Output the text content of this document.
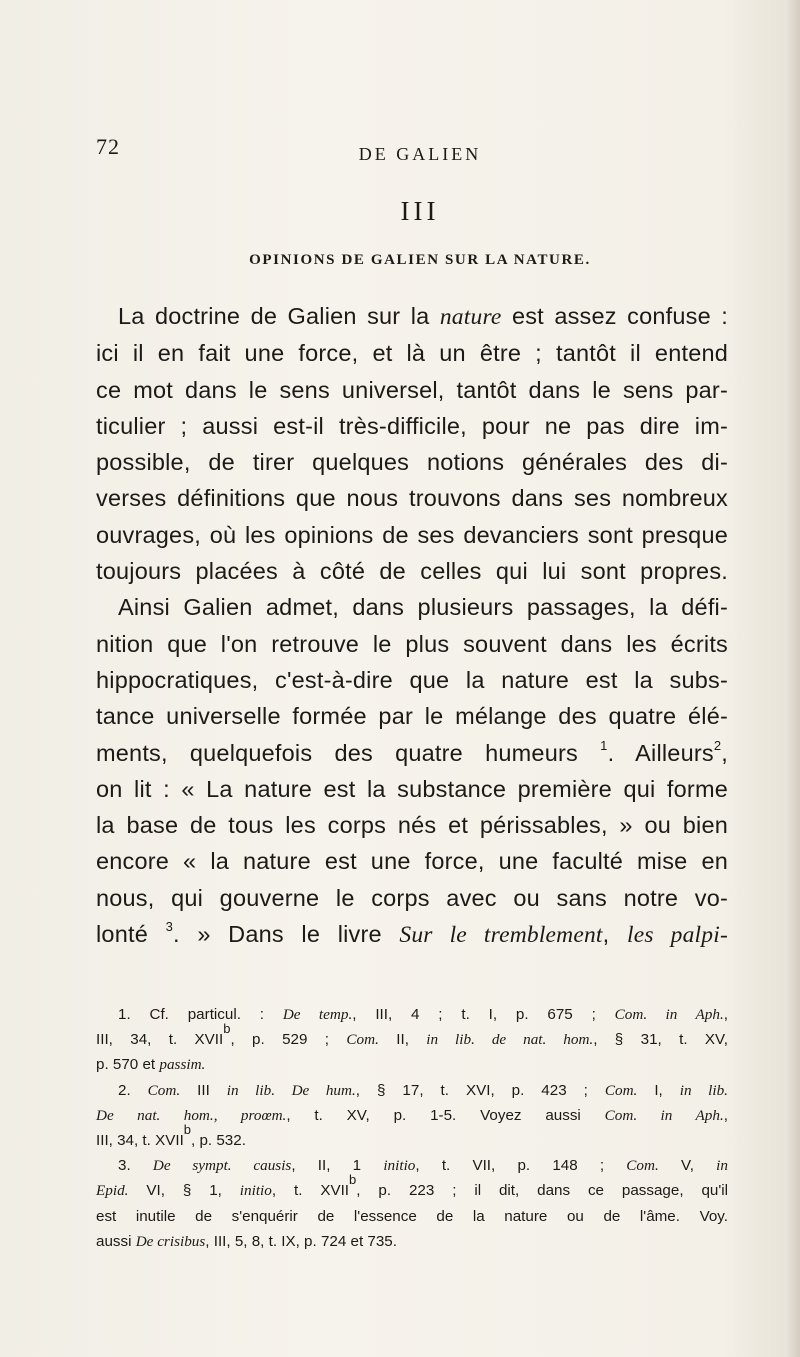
72	DE GALIEN
III
OPINIONS DE GALIEN SUR LA NATURE.
La doctrine de Galien sur la nature est assez confuse :
ici il en fait une force, et là un être ; tantôt il entend
ce mot dans le sens universel, tantôt dans le sens par-
ticulier ; aussi est-il très-difficile, pour ne pas dire im-
possible, de tirer quelques notions générales des di-
verses définitions que nous trouvons dans ses nombreux
ouvrages, où les opinions de ses devanciers sont presque
toujours placées à côté de celles qui lui sont propres.
Ainsi Galien admet, dans plusieurs passages, la défi-
nition que l'on retrouve le plus souvent dans les écrits
hippocratiques, c'est-à-dire que la nature est la subs-
tance universelle formée par le mélange des quatre élé-
ments, quelquefois des quatre humeurs $^1$. Ailleurs$^2$,
on lit : « La nature est la substance première qui forme
la base de tous les corps nés et périssables, » ou bien
encore « la nature est une force, une faculté mise en
nous, qui gouverne le corps avec ou sans notre vo-
lonté $^3$. » Dans le livre Sur le tremblement, les palpi-
1. Cf. particul. : De temp., III, 4 ; t. I, p. 675 ; Com. in Aph.,
III, 34, t. XVII$^b$, p. 529 ; Com. II, in lib. de nat. hom., § 31, t. XV,
p. 570 et passim.
2. Com. III in lib. De hum., § 17, t. XVI, p. 423 ; Com. I, in lib.
De nat. hom., proœm., t. XV, p. 1-5. Voyez aussi Com. in Aph.,
III, 34, t. XVII$^b$, p. 532.
3. De sympt. causis, II, 1 initio, t. VII, p. 148 ; Com. V, in
Epid. VI, § 1, initio, t. XVII$^b$, p. 223 ; il dit, dans ce passage, qu'il
est inutile de s'enquérir de l'essence de la nature ou de l'âme. Voy.
aussi De crisibus, III, 5, 8, t. IX, p. 724 et 735.
